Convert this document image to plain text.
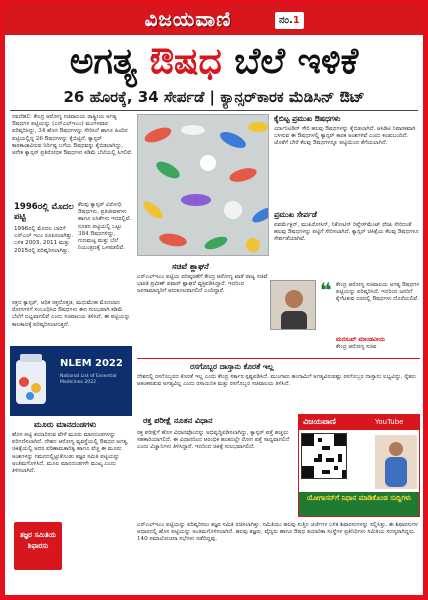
ವಿಜಯವಾಣಿ	ನಂ.1
ಅಗತ್ಯ ಔಷಧ ಬೆಲೆ ಇಳಿಕೆ
26 ಹೊರಕ್ಕೆ, 34 ಸೇರ್ಪಡೆ | ಕ್ಯಾನ್ಸರ್‌ಕಾರಕ ಮೆಡಿಸಿನ್ ಔಟ್
ನವದೆಹಲಿ: ಕೇಂದ್ರ ಆರೋಗ್ಯ ಸಚಿವಾಲಯ ರಾಷ್ಟ್ರೀಯ ಅಗತ್ಯ ಔಷಧಗಳ ಪಟ್ಟಿಯನ್ನು (ಎನ್‌ಎಲ್‌ಇಎಂ) ಮಂಗಳವಾರ ಪರಿಷ್ಕರಿಸಿದ್ದು, 34 ಹೊಸ ಔಷಧಗಳನ್ನು ಸೇರಿಸಿದೆ ಹಾಗೂ ಹಿಂದಿನ ಪಟ್ಟಿಯಲ್ಲಿದ್ದ 26 ಔಷಧಗಳನ್ನು ಕೈಬಿಟ್ಟಿದೆ. ಕ್ಯಾನ್ಸರ್ ಕಾರಕಾಂಶವಿರುವ ನಿರ್ದಿಷ್ಟ ಬಗೆಯ ಔಷಧವನ್ನು ಕೈಬಿಡಲಾಗಿದ್ದು, ಅನೇಕ ಕ್ಯಾನ್ಸರ್ ಪ್ರತಿರೋಧಕ ಔಷಧಗಳು ಕಡಿಮೆ ಬೆಲೆಯಲ್ಲಿ ಸಿಗಲಿವೆ.
1996ರಲ್ಲಿ ಮೊದಲ ಪಟ್ಟಿ
1996ರಲ್ಲಿ ಮೊದಲ ಬಾರಿಗೆ ಎನ್‌ಎಲ್ ಇಎಂ ರೂಪಿಸಲಾಗಿತ್ತು. ಬಳಿಕ 2003, 2011 ಮತ್ತು 2015ರಲ್ಲಿ ಪರಿಷ್ಕರಿಸಲಾಗಿತ್ತು.
ಕೆಲವು ಕ್ಯಾನ್ಸರ್ ವಿರೋಧಿ ಔಷಧಗಳು, ಪ್ರತಿಜೀವಕಗಳು ಹಾಗೂ ಲಸಿಕೆಗಳು ಇದರಲ್ಲಿವೆ. ನೂತನ ಪಟ್ಟಿಯಲ್ಲಿ ಒಟ್ಟು 384 ಔಷಧಗಳಿದ್ದು, ಗುಣಮಟ್ಟ ಮತ್ತು ಬೆಲೆ ನಿಯಂತ್ರಣಕ್ಕೆ ಒಳಪಡಲಿವೆ.
ರಕ್ತದ ಕ್ಯಾನ್ಸರ್, ಅಧಿಕ ರಕ್ತದೊತ್ತಡ, ಮಧುಮೇಹ ಮೊದಲಾದ ರೋಗಗಳಿಗೆ ಸಂಬಂಧಿಸಿದ ಔಷಧಗಳು ಈಗ ಸುಲಭವಾಗಿ ಕಡಿಮೆ ಬೆಲೆಗೆ ಲಭ್ಯವಾಗಲಿವೆ ಎಂದು ಸಚಿವಾಲಯ ತಿಳಿಸಿದೆ. ಈ ಪಟ್ಟಿಯನ್ನು ಕಾಲಕಾಲಕ್ಕೆ ಪರಿಷ್ಕರಿಸಲಾಗುತ್ತದೆ.
NLEM 2022
National List of Essential Medicines 2022
ಮೂರು ಮಾನದಂಡಗಳು
ಹೊಸ ಪಟ್ಟಿ ತಯಾರಿಸುವ ವೇಳೆ ಮೂರು ಮಾನದಂಡಗಳನ್ನು ಪರಿಗಣಿಸಲಾಗಿದೆ. ದೇಶದ ಆರೋಗ್ಯ ವ್ಯವಸ್ಥೆಯಲ್ಲಿ ಔಷಧದ ಅಗತ್ಯ, ಚಿಕಿತ್ಸೆಯಲ್ಲಿ ಅದರ ಪರಿಣಾಮಕಾರಿತ್ವ ಹಾಗೂ ವೆಚ್ಚ ಈ ಮೂರು ಅಂಶಗಳನ್ನು ಗಮನದಲ್ಲಿಟ್ಟುಕೊಂಡು ತಜ್ಞರ ಸಮಿತಿ ಪಟ್ಟಿಯನ್ನು ಅಂತಿಮಗೊಳಿಸಿದೆ. ಮೂಲ ಮಾನದಂಡಗಳೇ ಮುಖ್ಯ ಎಂದು ತಿಳಿಸಲಾಗಿದೆ.
ಸಚಿವೆ ಶ್ಲಾಘನೆ
ಎನ್‌ಎಲ್‌ಇಎಂ ಪಟ್ಟಿಯ ಪರಿಷ್ಕರಣೆಗೆ ಕೇಂದ್ರ ಆರೋಗ್ಯ ಖಾತೆ ರಾಜ್ಯ ಸಚಿವೆ ಭಾರತಿ ಪ್ರವೀಣ್ ಪವಾರ್ ಶ್ಲಾಘನೆ ವ್ಯಕ್ತಪಡಿಸಿದ್ದಾರೆ. ಇದರಿಂದ ಜನಸಾಮಾನ್ಯರಿಗೆ ಅನುಕೂಲವಾಗಲಿದೆ ಎಂದಿದ್ದಾರೆ.
ಕೈಬಿಟ್ಟ ಪ್ರಮುಖ ಔಷಧಗಳು
ರ್ಯಾನಿಟಿಡಿನ್ ಸೇರಿ ಹಲವು ಔಷಧಗಳನ್ನು ಕೈಬಿಡಲಾಗಿದೆ. ಆಸಿಡಿಟಿ ನಿವಾರಕವಾಗಿ ಬಳಸುವ ಈ ಔಷಧಗಳಲ್ಲಿ ಕ್ಯಾನ್ಸರ್ ಕಾರಕ ಅಂಶಗಳಿವೆ ಎಂದು ಕಂಡುಬಂದಿದೆ. ಜೊತೆಗೆ ಬೇರೆ ಕೆಲವು ಔಷಧಗಳನ್ನೂ ಪಟ್ಟಿಯಿಂದ ತೆಗೆಯಲಾಗಿದೆ.
ಪ್ರಮುಖ ಸೇರ್ಪಡೆ
ಐವರ್ಮೆಕ್ಟಿನ್, ಮುಪಿರೋಸಿನ್, ನಿಕೋಟಿನ್ ರಿಪ್ಲೇಸ್‌ಮೆಂಟ್ ಥೆರಪಿ ಸೇರಿದಂತೆ ಹಲವು ಔಷಧಗಳನ್ನು ಪಟ್ಟಿಗೆ ಸೇರಿಸಲಾಗಿದೆ. ಕ್ಯಾನ್ಸರ್ ಚಿಕಿತ್ಸೆಯ ಕೆಲವು ಔಷಧಗಳೂ ಸೇರ್ಪಡೆಯಾಗಿವೆ.
❝ ಕೇಂದ್ರ ಆರೋಗ್ಯ ಸಚಿವಾಲಯ ಅಗತ್ಯ ಔಷಧಗಳ ಪಟ್ಟಿಯನ್ನು ಪರಿಷ್ಕರಿಸಿದೆ. ಇದರಿಂದ ಜನರಿಗೆ ಕೈಗೆಟಕುವ ದರದಲ್ಲಿ ಔಷಧಗಳು ದೊರೆಯಲಿವೆ.
ಮನಸುಖ್ ಮಾಂಡವೀಯ
ಕೇಂದ್ರ ಆರೋಗ್ಯ ಸಚಿವ
ರಸಗೊಬ್ಬರ ದಾಸ್ತಾನು ಕೊರತೆ ಇಲ್ಲ
ದೇಶದಲ್ಲಿ ರಸಗೊಬ್ಬರದ ಕೊರತೆ ಇಲ್ಲ ಎಂದು ಕೇಂದ್ರ ಸರ್ಕಾರ ಸ್ಪಷ್ಟಪಡಿಸಿದೆ. ಮುಂಗಾರು ಹಂಗಾಮಿಗೆ ಅಗತ್ಯವಿರುವಷ್ಟು ರಸಗೊಬ್ಬರ ದಾಸ್ತಾನು ಲಭ್ಯವಿದ್ದು, ರೈತರು ಆತಂಕಪಡುವ ಅಗತ್ಯವಿಲ್ಲ ಎಂದು ರಸಾಯನಿಕ ಮತ್ತು ರಸಗೊಬ್ಬರ ಸಚಿವಾಲಯ ತಿಳಿಸಿದೆ.
ರಕ್ತ ಪರೀಕ್ಷೆ ನೂತನ ವಿಧಾನ
ರಕ್ತ ಪರೀಕ್ಷೆಗೆ ಹೊಸ ವಿಧಾನವೊಂದನ್ನು ಅಭಿವೃದ್ಧಿಪಡಿಸಲಾಗಿದ್ದು, ಕ್ಯಾನ್ಸರ್ ಪತ್ತೆ ಹಚ್ಚಲು ಸಹಕಾರಿಯಾಗಲಿದೆ. ಈ ವಿಧಾನದಿಂದ ಆರಂಭಿಕ ಹಂತದಲ್ಲೇ ರೋಗ ಪತ್ತೆ ಸಾಧ್ಯವಾಗಲಿದೆ ಎಂದು ವಿಜ್ಞಾನಿಗಳು ತಿಳಿಸಿದ್ದಾರೆ. ಇದರಿಂದ ಚಿಕಿತ್ಸೆ ಸುಲಭವಾಗಲಿದೆ.
ವಿಜಯವಾಣಿ	YouTube
ಯೋಗಾಸನ್‌ಗೆ ನಿಧಾನ ಮಾಡಿಕೊಂಡ ಸುದ್ದಿಗಳು
ತಜ್ಞರ ಸಮಿತಿಯ ಶಿಫಾರಸು
ಎನ್‌ಎಲ್‌ಇಎಂ ಪಟ್ಟಿಯನ್ನು ಪರಿಷ್ಕರಿಸಲು ತಜ್ಞರ ಸಮಿತಿ ರಚಿಸಲಾಗಿತ್ತು. ಸಮಿತಿಯು ಹಲವು ಸುತ್ತಿನ ಚರ್ಚೆಗಳ ಬಳಿಕ ಶಿಫಾರಸುಗಳನ್ನು ಸಲ್ಲಿಸಿತ್ತು. ಈ ಶಿಫಾರಸುಗಳ ಆಧಾರದಲ್ಲಿ ಹೊಸ ಪಟ್ಟಿಯನ್ನು ಅಂತಿಮಗೊಳಿಸಲಾಗಿದೆ. ಹಲವು ತಜ್ಞರು, ವೈದ್ಯರು ಹಾಗೂ ಔಷಧ ತಯಾರಿಕಾ ಸಂಸ್ಥೆಗಳ ಪ್ರತಿನಿಧಿಗಳು ಸಮಿತಿಯ ಸದಸ್ಯರಾಗಿದ್ದರು. 140 ಸಮಾಲೋಚನಾ ಸಭೆಗಳು ನಡೆದಿದ್ದವು.
